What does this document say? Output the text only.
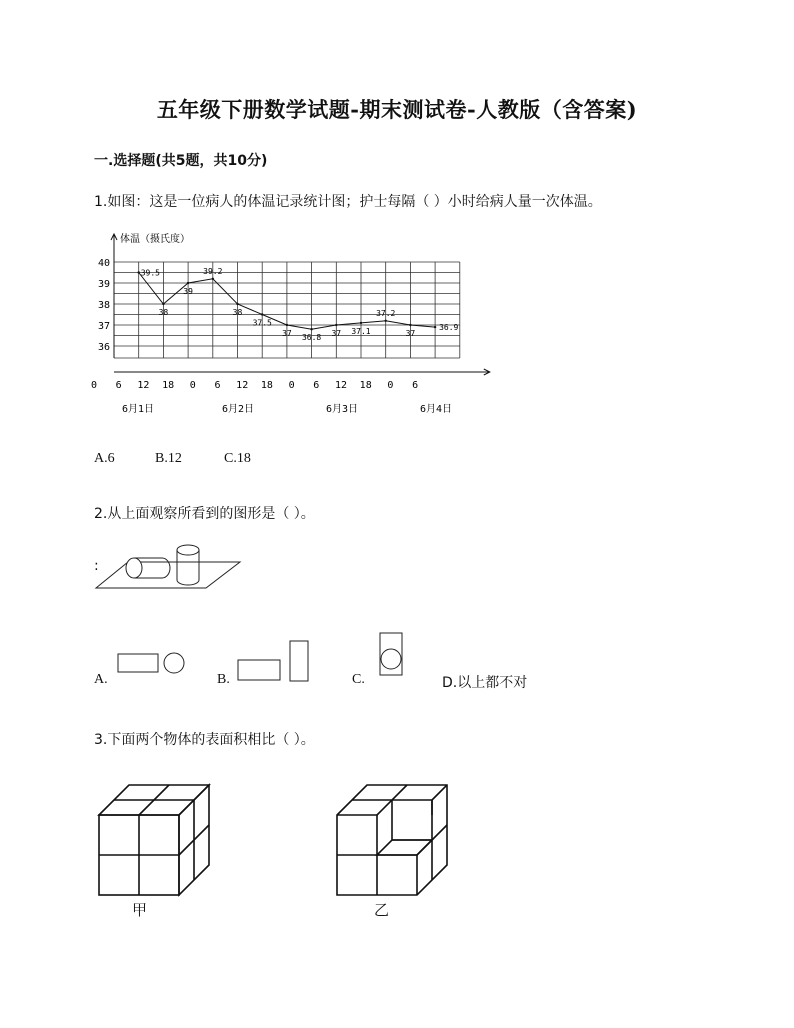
五年级下册数学试题-期末测试卷-人教版（含答案)
一.选择题(共5题，共10分)
1.如图：这是一位病人的体温记录统计图；护士每隔（ ）小时给病人量一次体温。
体温（摄氏度）
36
37
38
39
40
0 6 12 18 0 6 12 18 0 6 12 18 0 6
6月1日	6月2日	6月3日	6月4日
39.5
38
39
39.2
38
37.5
37 36.8 37 37.1
37.2
37
36.9
A.6	B.12	C.18
2.从上面观察所看到的图形是（ ）。
:
A.	B.	C.	D.以上都不对
3.下面两个物体的表面积相比（ ）。
甲	乙
